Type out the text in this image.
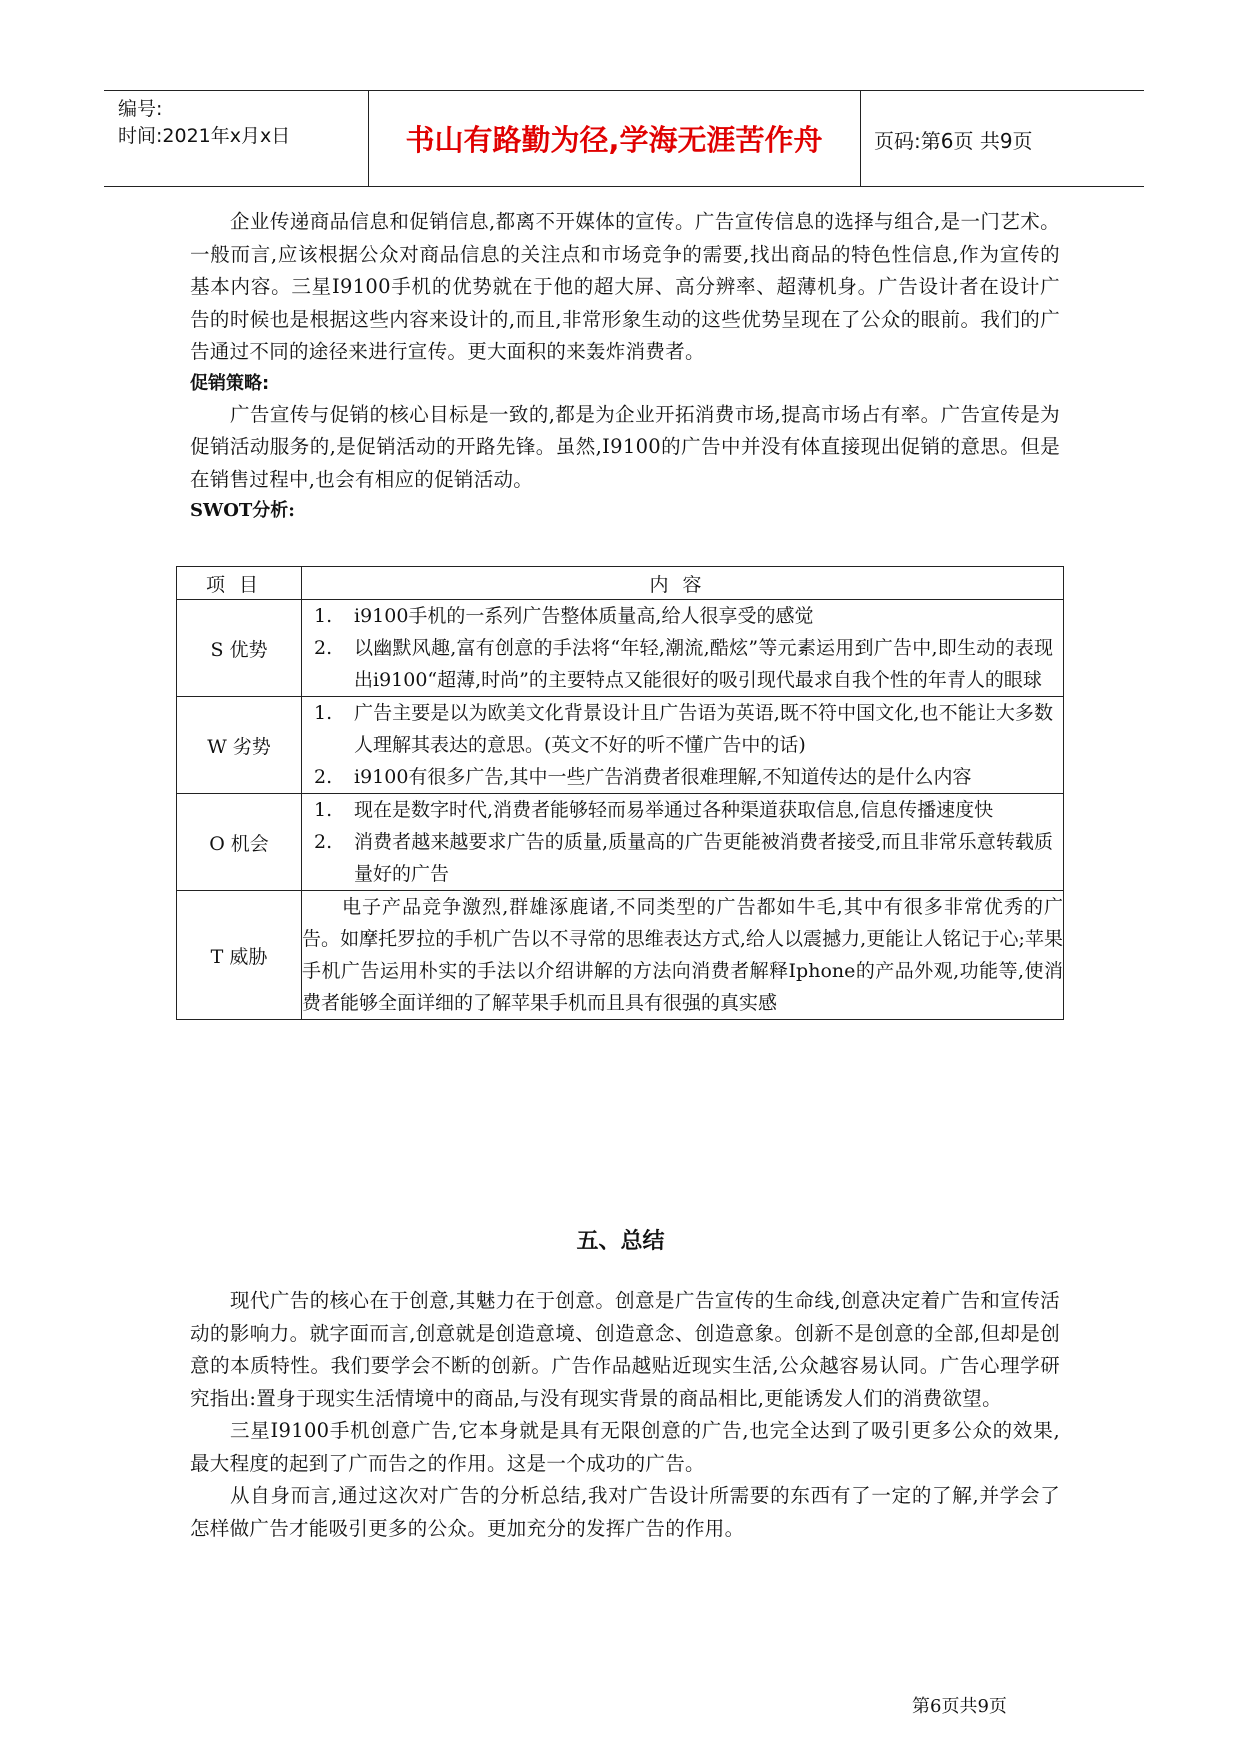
编号:
时间:2021年x月x日	书山有路勤为径,学海无涯苦作舟	页码:第6页 共9页

企业传递商品信息和促销信息,都离不开媒体的宣传。广告宣传信息的选择与组合,是一门艺术。一般而言,应该根据公众对商品信息的关注点和市场竞争的需要,找出商品的特色性信息,作为宣传的基本内容。三星I9100手机的优势就在于他的超大屏、高分辨率、超薄机身。广告设计者在设计广告的时候也是根据这些内容来设计的,而且,非常形象生动的这些优势呈现在了公众的眼前。我们的广告通过不同的途径来进行宣传。更大面积的来轰炸消费者。

促销策略:

广告宣传与促销的核心目标是一致的,都是为企业开拓消费市场,提高市场占有率。广告宣传是为促销活动服务的,是促销活动的开路先锋。虽然,I9100的广告中并没有体直接现出促销的意思。但是在销售过程中,也会有相应的促销活动。

SWOT分析:

项目	内容
S 优势	1. i9100手机的一系列广告整体质量高,给人很享受的感觉
2. 以幽默风趣,富有创意的手法将“年轻,潮流,酷炫”等元素运用到广告中,即生动的表现出i9100“超薄,时尚”的主要特点又能很好的吸引现代最求自我个性的年青人的眼球

W 劣势	1. 广告主要是以为欧美文化背景设计且广告语为英语,既不符中国文化,也不能让大多数人理解其表达的意思。(英文不好的听不懂广告中的话)
2. i9100有很多广告,其中一些广告消费者很难理解,不知道传达的是什么内容

O 机会	1. 现在是数字时代,消费者能够轻而易举通过各种渠道获取信息,信息传播速度快
2. 消费者越来越要求广告的质量,质量高的广告更能被消费者接受,而且非常乐意转载质量好的广告

T 威胁	电子产品竞争激烈,群雄涿鹿诸,不同类型的广告都如牛毛,其中有很多非常优秀的广告。如摩托罗拉的手机广告以不寻常的思维表达方式,给人以震撼力,更能让人铭记于心;苹果手机广告运用朴实的手法以介绍讲解的方法向消费者解释Iphone的产品外观,功能等,使消费者能够全面详细的了解苹果手机而且具有很强的真实感
五、总结

现代广告的核心在于创意,其魅力在于创意。创意是广告宣传的生命线,创意决定着广告和宣传活动的影响力。就字面而言,创意就是创造意境、创造意念、创造意象。创新不是创意的全部,但却是创意的本质特性。我们要学会不断的创新。广告作品越贴近现实生活,公众越容易认同。广告心理学研究指出:置身于现实生活情境中的商品,与没有现实背景的商品相比,更能诱发人们的消费欲望。

三星I9100手机创意广告,它本身就是具有无限创意的广告,也完全达到了吸引更多公众的效果,最大程度的起到了广而告之的作用。这是一个成功的广告。

从自身而言,通过这次对广告的分析总结,我对广告设计所需要的东西有了一定的了解,并学会了怎样做广告才能吸引更多的公众。更加充分的发挥广告的作用。

第6页共9页
